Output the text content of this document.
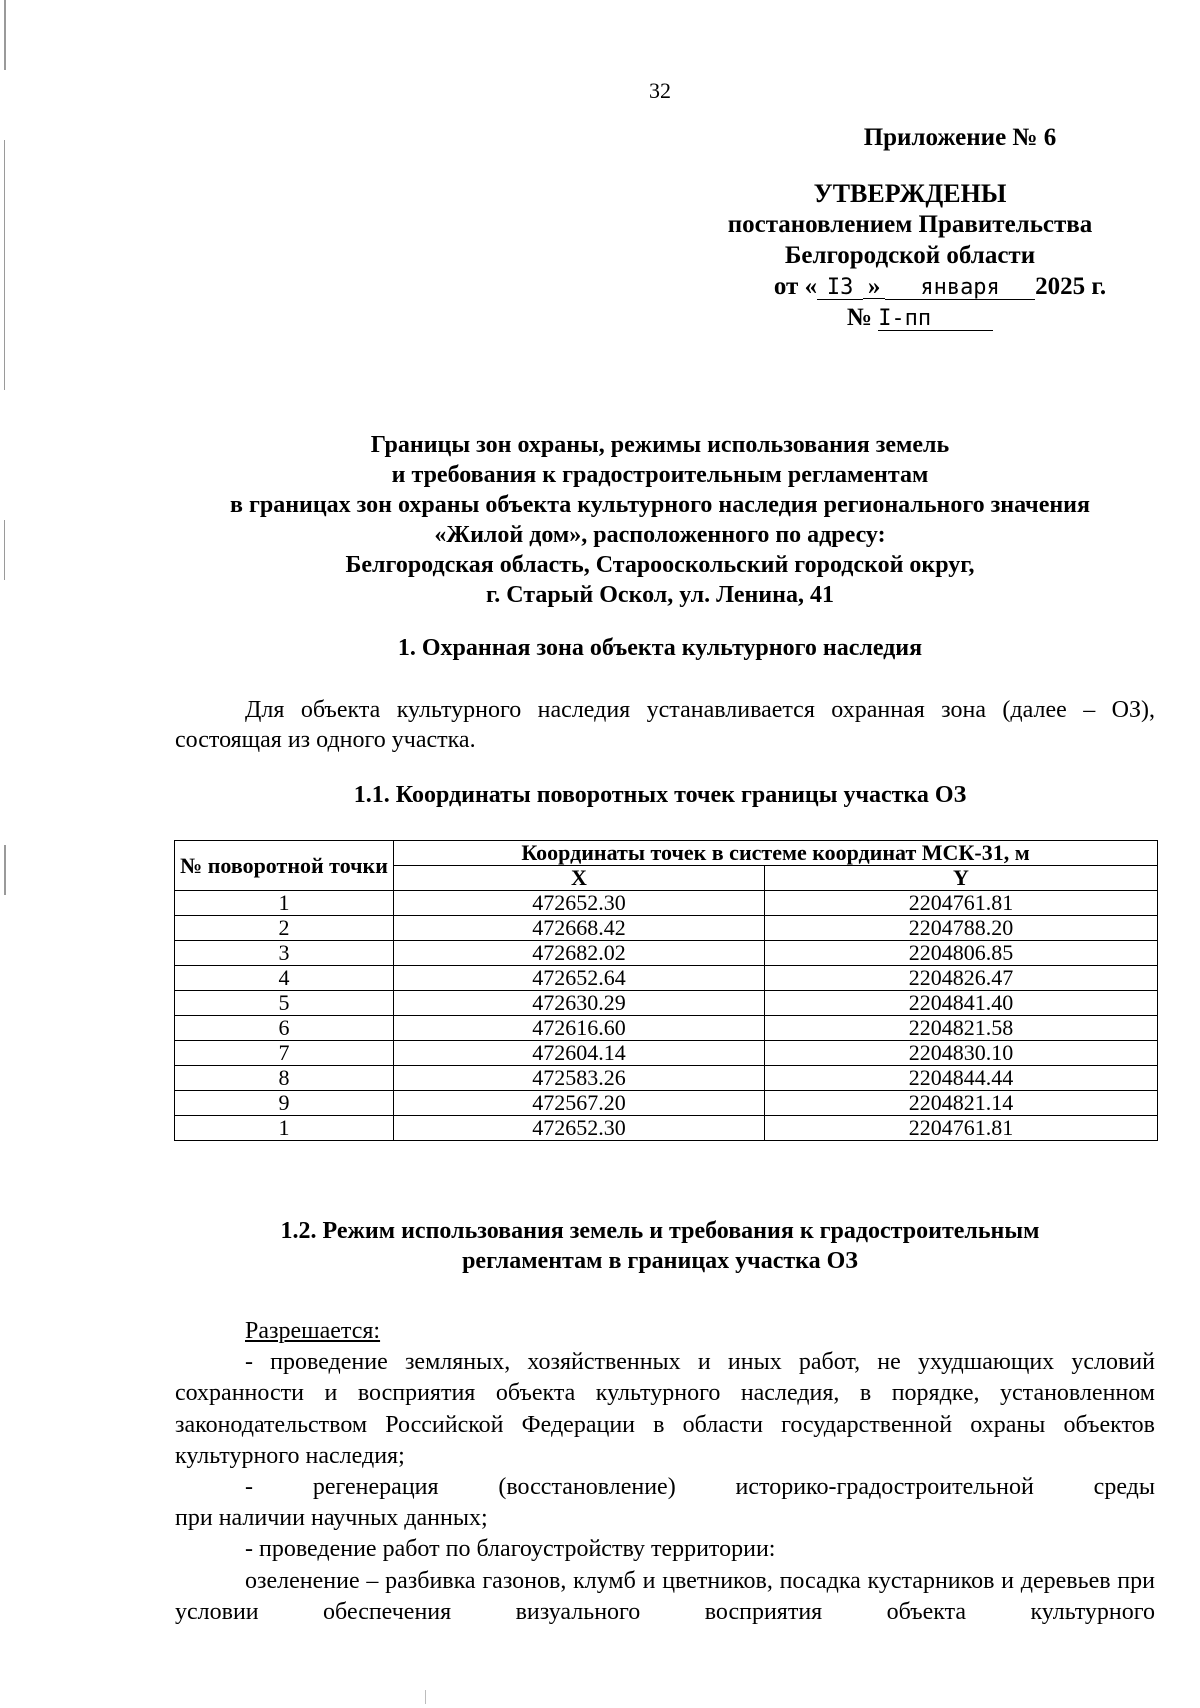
32
Приложение № 6
УТВЕРЖДЕНЫ
постановлением Правительства
Белгородской области
от « I3 » января 2025 г.
№ I-пп
Границы зон охраны, режимы использования земель
и требования к градостроительным регламентам
в границах зон охраны объекта культурного наследия регионального значения
«Жилой дом», расположенного по адресу:
Белгородская область, Старооскольский городской округ,
г. Старый Оскол, ул. Ленина, 41
1. Охранная зона объекта культурного наследия

Для объекта культурного наследия устанавливается охранная зона (далее – ОЗ), состоящая из одного участка.

1.1. Координаты поворотных точек границы участка ОЗ
№ поворотной точки	Координаты точек в системе координат МСК-31, м	
	X	Y
1	472652.30	2204761.81
2	472668.42	2204788.20
3	472682.02	2204806.85
4	472652.64	2204826.47
5	472630.29	2204841.40
6	472616.60	2204821.58
7	472604.14	2204830.10
8	472583.26	2204844.44
9	472567.20	2204821.14
1	472652.30	2204761.81
1.2. Режим использования земель и требования к градостроительным
регламентам в границах участка ОЗ

Разрешается:

- проведение земляных, хозяйственных и иных работ, не ухудшающих условий сохранности и восприятия объекта культурного наследия, в порядке, установленном законодательством Российской Федерации в области государственной охраны объектов культурного наследия;

- регенерация (восстановление) историко-градостроительной среды

при наличии научных данных;

- проведение работ по благоустройству территории:

озеленение – разбивка газонов, клумб и цветников, посадка кустарников и деревьев при условии обеспечения визуального восприятия объекта культурного
